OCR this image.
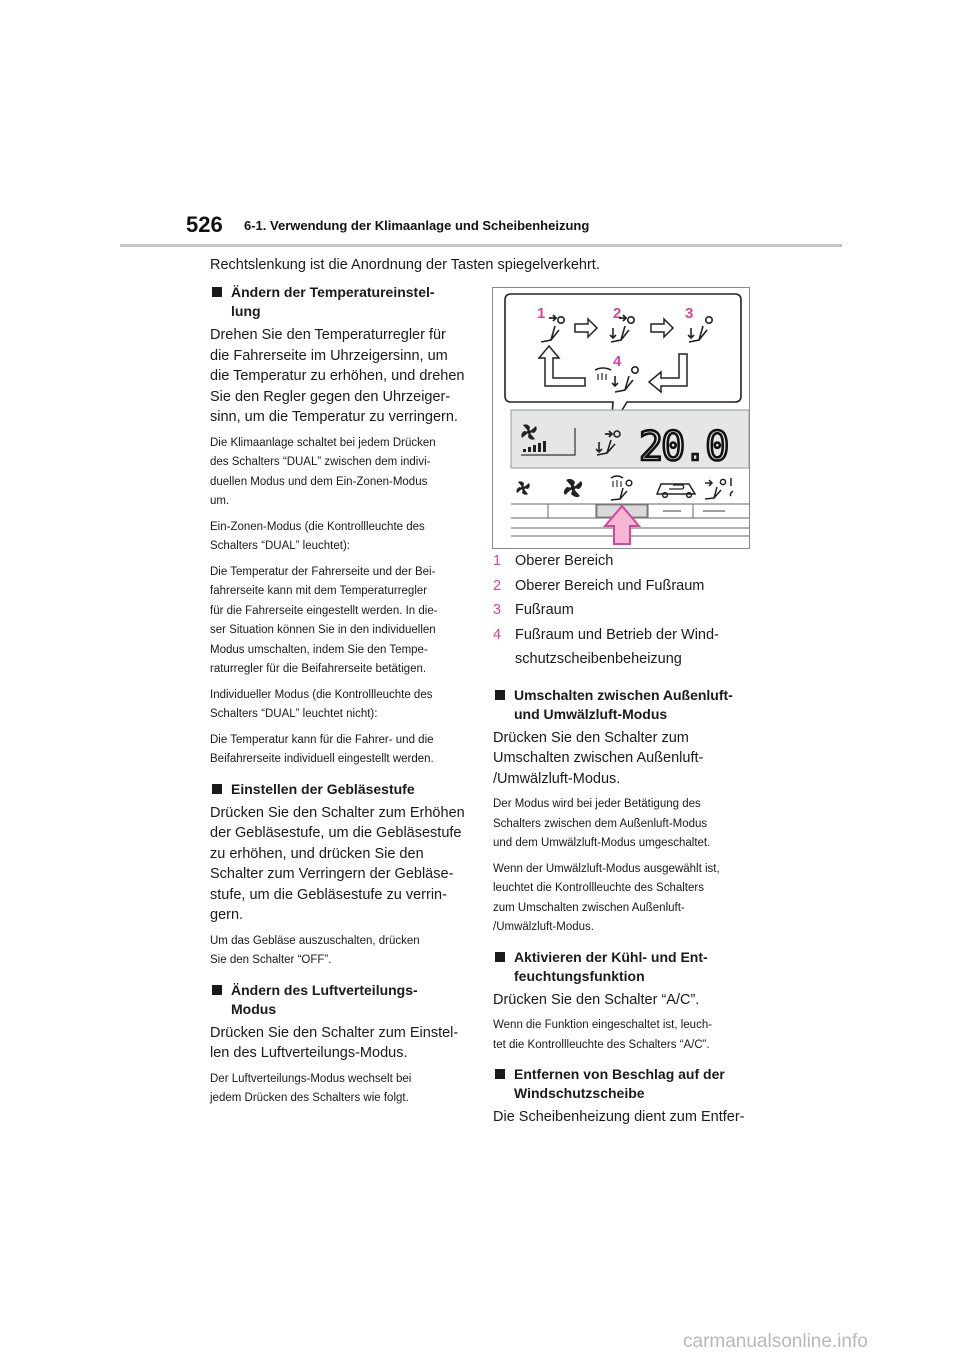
526 6-1. Verwendung der Klimaanlage und Scheibenheizung
Rechtslenkung ist die Anordnung der Tasten spiegelverkehrt.
Ändern der Temperatureinstel-
lung

Drehen Sie den Temperaturregler für
die Fahrerseite im Uhrzeigersinn, um
die Temperatur zu erhöhen, und drehen
Sie den Regler gegen den Uhrzeiger-
sinn, um die Temperatur zu verringern.

Die Klimaanlage schaltet bei jedem Drücken
des Schalters “DUAL” zwischen dem indivi-
duellen Modus und dem Ein-Zonen-Modus
um.

Ein-Zonen-Modus (die Kontrollleuchte des
Schalters “DUAL” leuchtet):

Die Temperatur der Fahrerseite und der Bei-
fahrerseite kann mit dem Temperaturregler
für die Fahrerseite eingestellt werden. In die-
ser Situation können Sie in den individuellen
Modus umschalten, indem Sie den Tempe-
raturregler für die Beifahrerseite betätigen.

Individueller Modus (die Kontrollleuchte des
Schalters “DUAL” leuchtet nicht):

Die Temperatur kann für die Fahrer- und die
Beifahrerseite individuell eingestellt werden.

Einstellen der Gebläsestufe

Drücken Sie den Schalter zum Erhöhen
der Gebläsestufe, um die Gebläsestufe
zu erhöhen, und drücken Sie den
Schalter zum Verringern der Gebläse-
stufe, um die Gebläsestufe zu verrin-
gern.

Um das Gebläse auszuschalten, drücken
Sie den Schalter “OFF”.

Ändern des Luftverteilungs-
Modus

Drücken Sie den Schalter zum Einstel-
len des Luftverteilungs-Modus.

Der Luftverteilungs-Modus wechselt bei
jedem Drücken des Schalters wie folgt.

1	2	3
4
20.0
1 Oberer Bereich
2 Oberer Bereich und Fußraum
3 Fußraum
4 Fußraum und Betrieb der Wind-
schutzscheibenbeheizung
Umschalten zwischen Außenluft-
und Umwälzluft-Modus

Drücken Sie den Schalter zum
Umschalten zwischen Außenluft-
/Umwälzluft-Modus.

Der Modus wird bei jeder Betätigung des
Schalters zwischen dem Außenluft-Modus
und dem Umwälzluft-Modus umgeschaltet.

Wenn der Umwälzluft-Modus ausgewählt ist,
leuchtet die Kontrollleuchte des Schalters
zum Umschalten zwischen Außenluft-
/Umwälzluft-Modus.

Aktivieren der Kühl- und Ent-
feuchtungsfunktion

Drücken Sie den Schalter “A/C”.

Wenn die Funktion eingeschaltet ist, leuch-
tet die Kontrollleuchte des Schalters “A/C”.

Entfernen von Beschlag auf der
Windschutzscheibe

Die Scheibenheizung dient zum Entfer-

carmanualsonline.info
